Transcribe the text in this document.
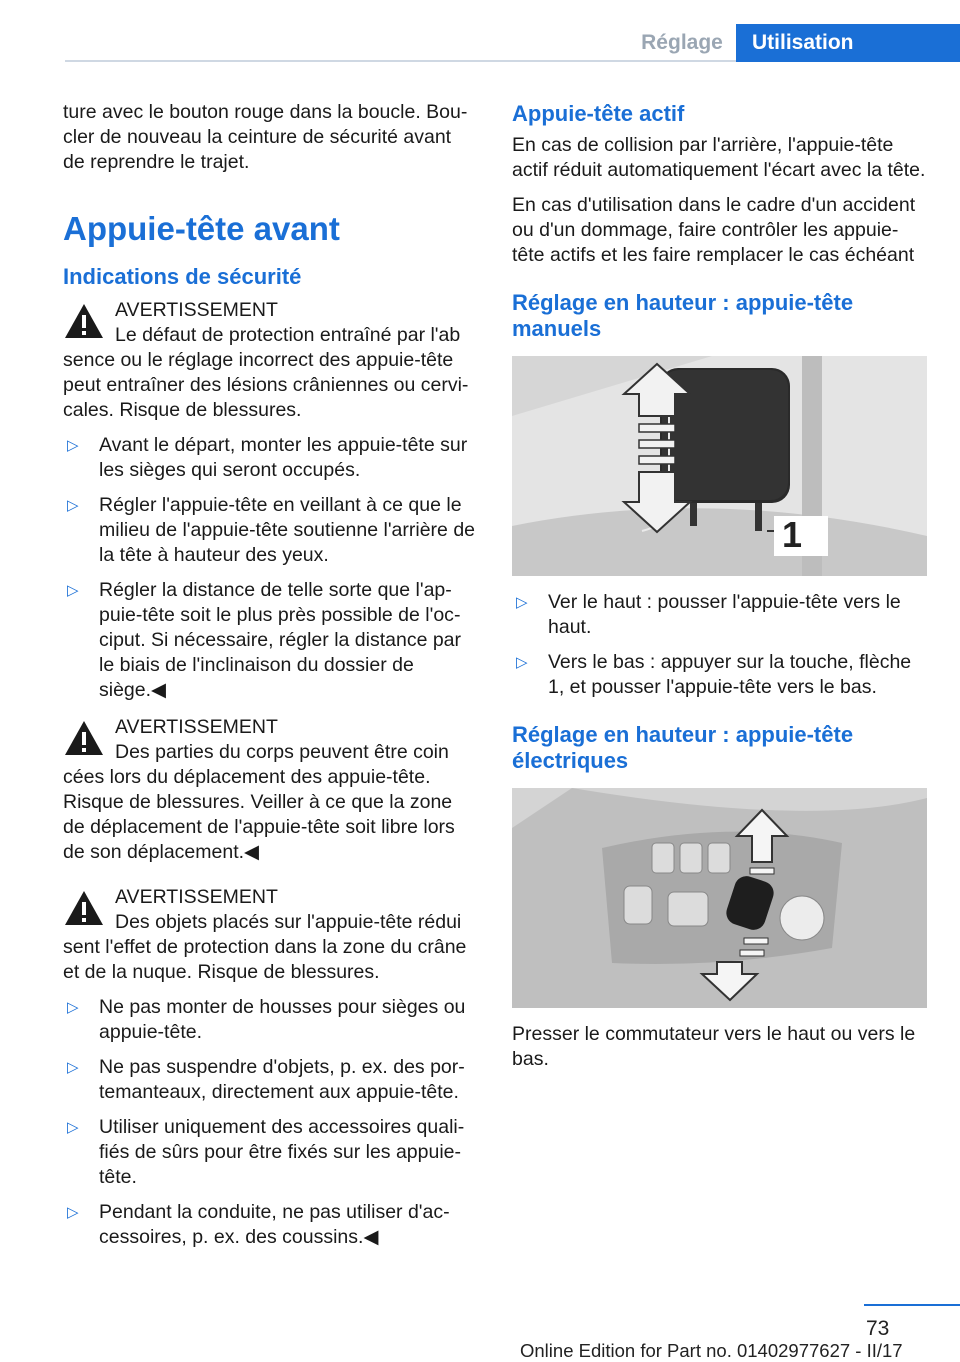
Réglage	Utilisation

ture avec le bouton rouge dans la boucle. Boucler de nouveau la ceinture de sécurité avant de reprendre le trajet.

Appuie-tête avant
Indications de sécurité
AVERTISSEMENT
Le défaut de protection entraîné par l'ab
sence ou le réglage incorrect des appuie-tête peut entraîner des lésions crâniennes ou cervicales. Risque de blessures.
▷ Avant le départ, monter les appuie-tête sur les sièges qui seront occupés.
▷ Régler l'appuie-tête en veillant à ce que le milieu de l'appuie-tête soutienne l'arrière de la tête à hauteur des yeux.
▷ Régler la distance de telle sorte que l'appuie-tête soit le plus près possible de l'occiput. Si nécessaire, régler la distance par le biais de l'inclinaison du dossier de siège.◀
AVERTISSEMENT
Des parties du corps peuvent être coin
cées lors du déplacement des appuie-tête. Risque de blessures. Veiller à ce que la zone de déplacement de l'appuie-tête soit libre lors de son déplacement.◀
AVERTISSEMENT
Des objets placés sur l'appuie-tête rédui
sent l'effet de protection dans la zone du crâne et de la nuque. Risque de blessures.
▷ Ne pas monter de housses pour sièges ou appuie-tête.
▷ Ne pas suspendre d'objets, p. ex. des portemanteaux, directement aux appuie-tête.
▷ Utiliser uniquement des accessoires qualifiés de sûrs pour être fixés sur les appuie-tête.
▷ Pendant la conduite, ne pas utiliser d'accessoires, p. ex. des coussins.◀
Appuie-tête actif

En cas de collision par l'arrière, l'appuie-tête actif réduit automatiquement l'écart avec la tête.

En cas d'utilisation dans le cadre d'un accident ou d'un dommage, faire contrôler les appuie-tête actifs et les faire remplacer le cas échéant

Réglage en hauteur : appuie-tête manuels
1
▷ Ver le haut : pousser l'appuie-tête vers le haut.
▷ Vers le bas : appuyer sur la touche, flèche 1, et pousser l'appuie-tête vers le bas.
Réglage en hauteur : appuie-tête électriques

Presser le commutateur vers le haut ou vers le bas.

73
Online Edition for Part no. 01402977627 - II/17
